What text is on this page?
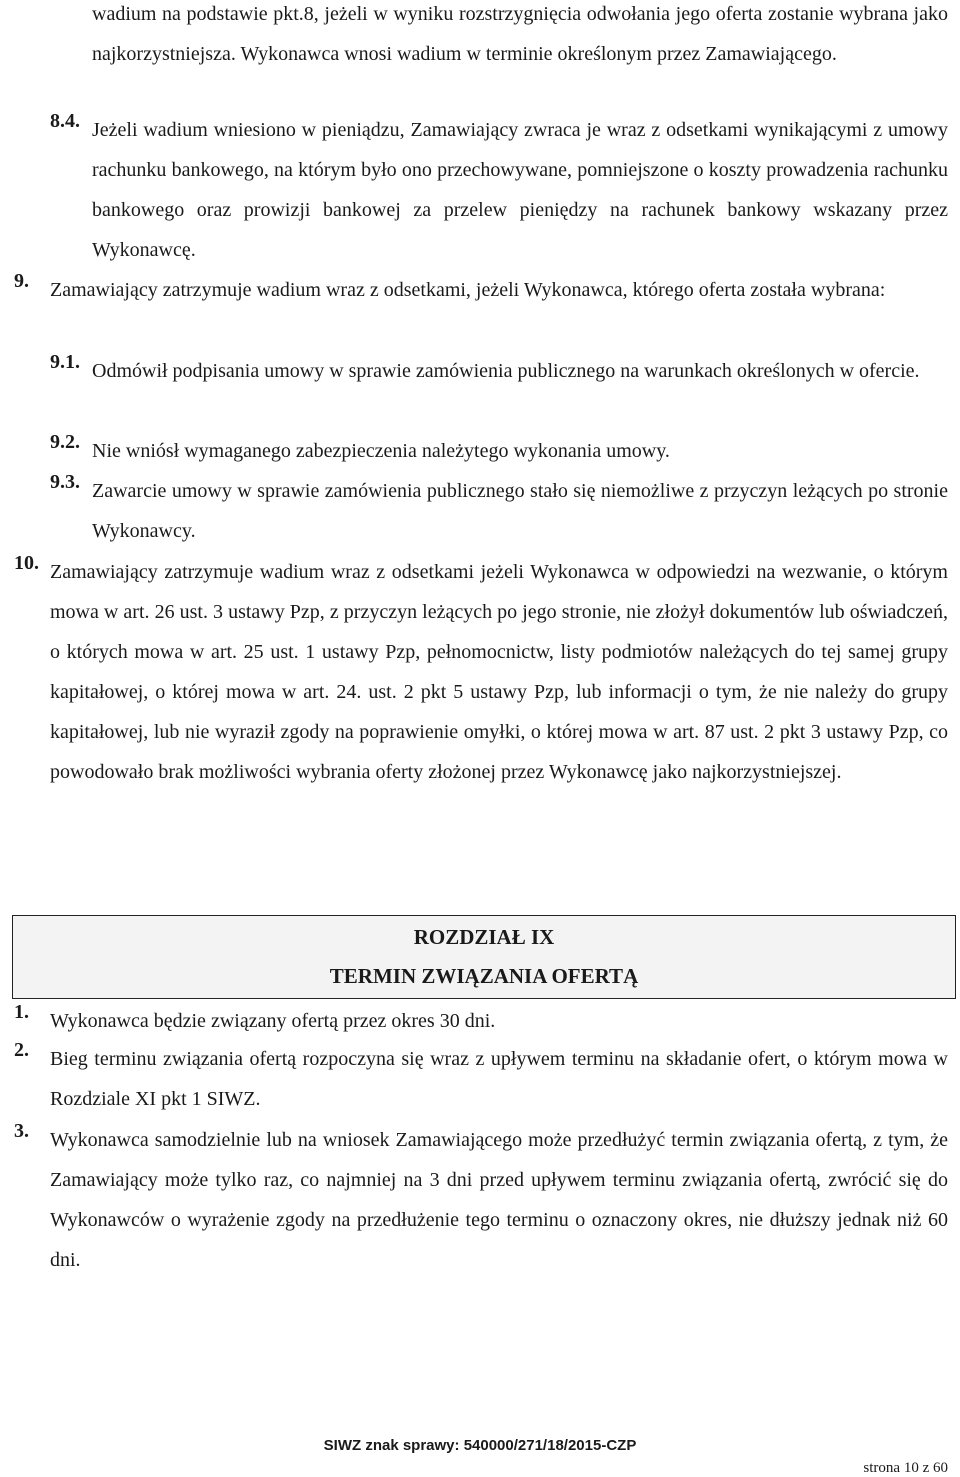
wadium na podstawie pkt.8, jeżeli w wyniku rozstrzygnięcia odwołania jego oferta zostanie wybrana jako najkorzystniejsza. Wykonawca wnosi wadium w terminie określonym przez Zamawiającego.
8.4. Jeżeli wadium wniesiono w pieniądzu, Zamawiający zwraca je wraz z odsetkami wynikającymi z umowy rachunku bankowego, na którym było ono przechowywane, pomniejszone o koszty prowadzenia rachunku bankowego oraz prowizji bankowej za przelew pieniędzy na rachunek bankowy wskazany przez Wykonawcę.
9. Zamawiający zatrzymuje wadium wraz z odsetkami, jeżeli Wykonawca, którego oferta została wybrana:
9.1. Odmówił podpisania umowy w sprawie zamówienia publicznego na warunkach określonych w ofercie.
9.2. Nie wniósł wymaganego zabezpieczenia należytego wykonania umowy.
9.3. Zawarcie umowy w sprawie zamówienia publicznego stało się niemożliwe z przyczyn leżących po stronie Wykonawcy.
10. Zamawiający zatrzymuje wadium wraz z odsetkami jeżeli Wykonawca w odpowiedzi na wezwanie, o którym mowa w art. 26 ust. 3 ustawy Pzp, z przyczyn leżących po jego stronie, nie złożył dokumentów lub oświadczeń, o których mowa w art. 25 ust. 1 ustawy Pzp, pełnomocnictw, listy podmiotów należących do tej samej grupy kapitałowej, o której mowa w art. 24. ust. 2 pkt 5 ustawy Pzp, lub informacji o tym, że nie należy do grupy kapitałowej, lub nie wyraził zgody na poprawienie omyłki, o której mowa w art. 87 ust. 2 pkt 3 ustawy Pzp, co powodowało brak możliwości wybrania oferty złożonej przez Wykonawcę jako najkorzystniejszej.
ROZDZIAŁ IX
TERMIN ZWIĄZANIA OFERTĄ
1. Wykonawca będzie związany ofertą przez okres 30 dni.
2. Bieg terminu związania ofertą rozpoczyna się wraz z upływem terminu na składanie ofert, o którym mowa w Rozdziale XI pkt 1 SIWZ.
3. Wykonawca samodzielnie lub na wniosek Zamawiającego może przedłużyć termin związania ofertą, z tym, że Zamawiający może tylko raz, co najmniej na 3 dni przed upływem terminu związania ofertą, zwrócić się do Wykonawców o wyrażenie zgody na przedłużenie tego terminu o oznaczony okres, nie dłuższy jednak niż 60 dni.
SIWZ znak sprawy: 540000/271/18/2015-CZP
strona 10 z 60
